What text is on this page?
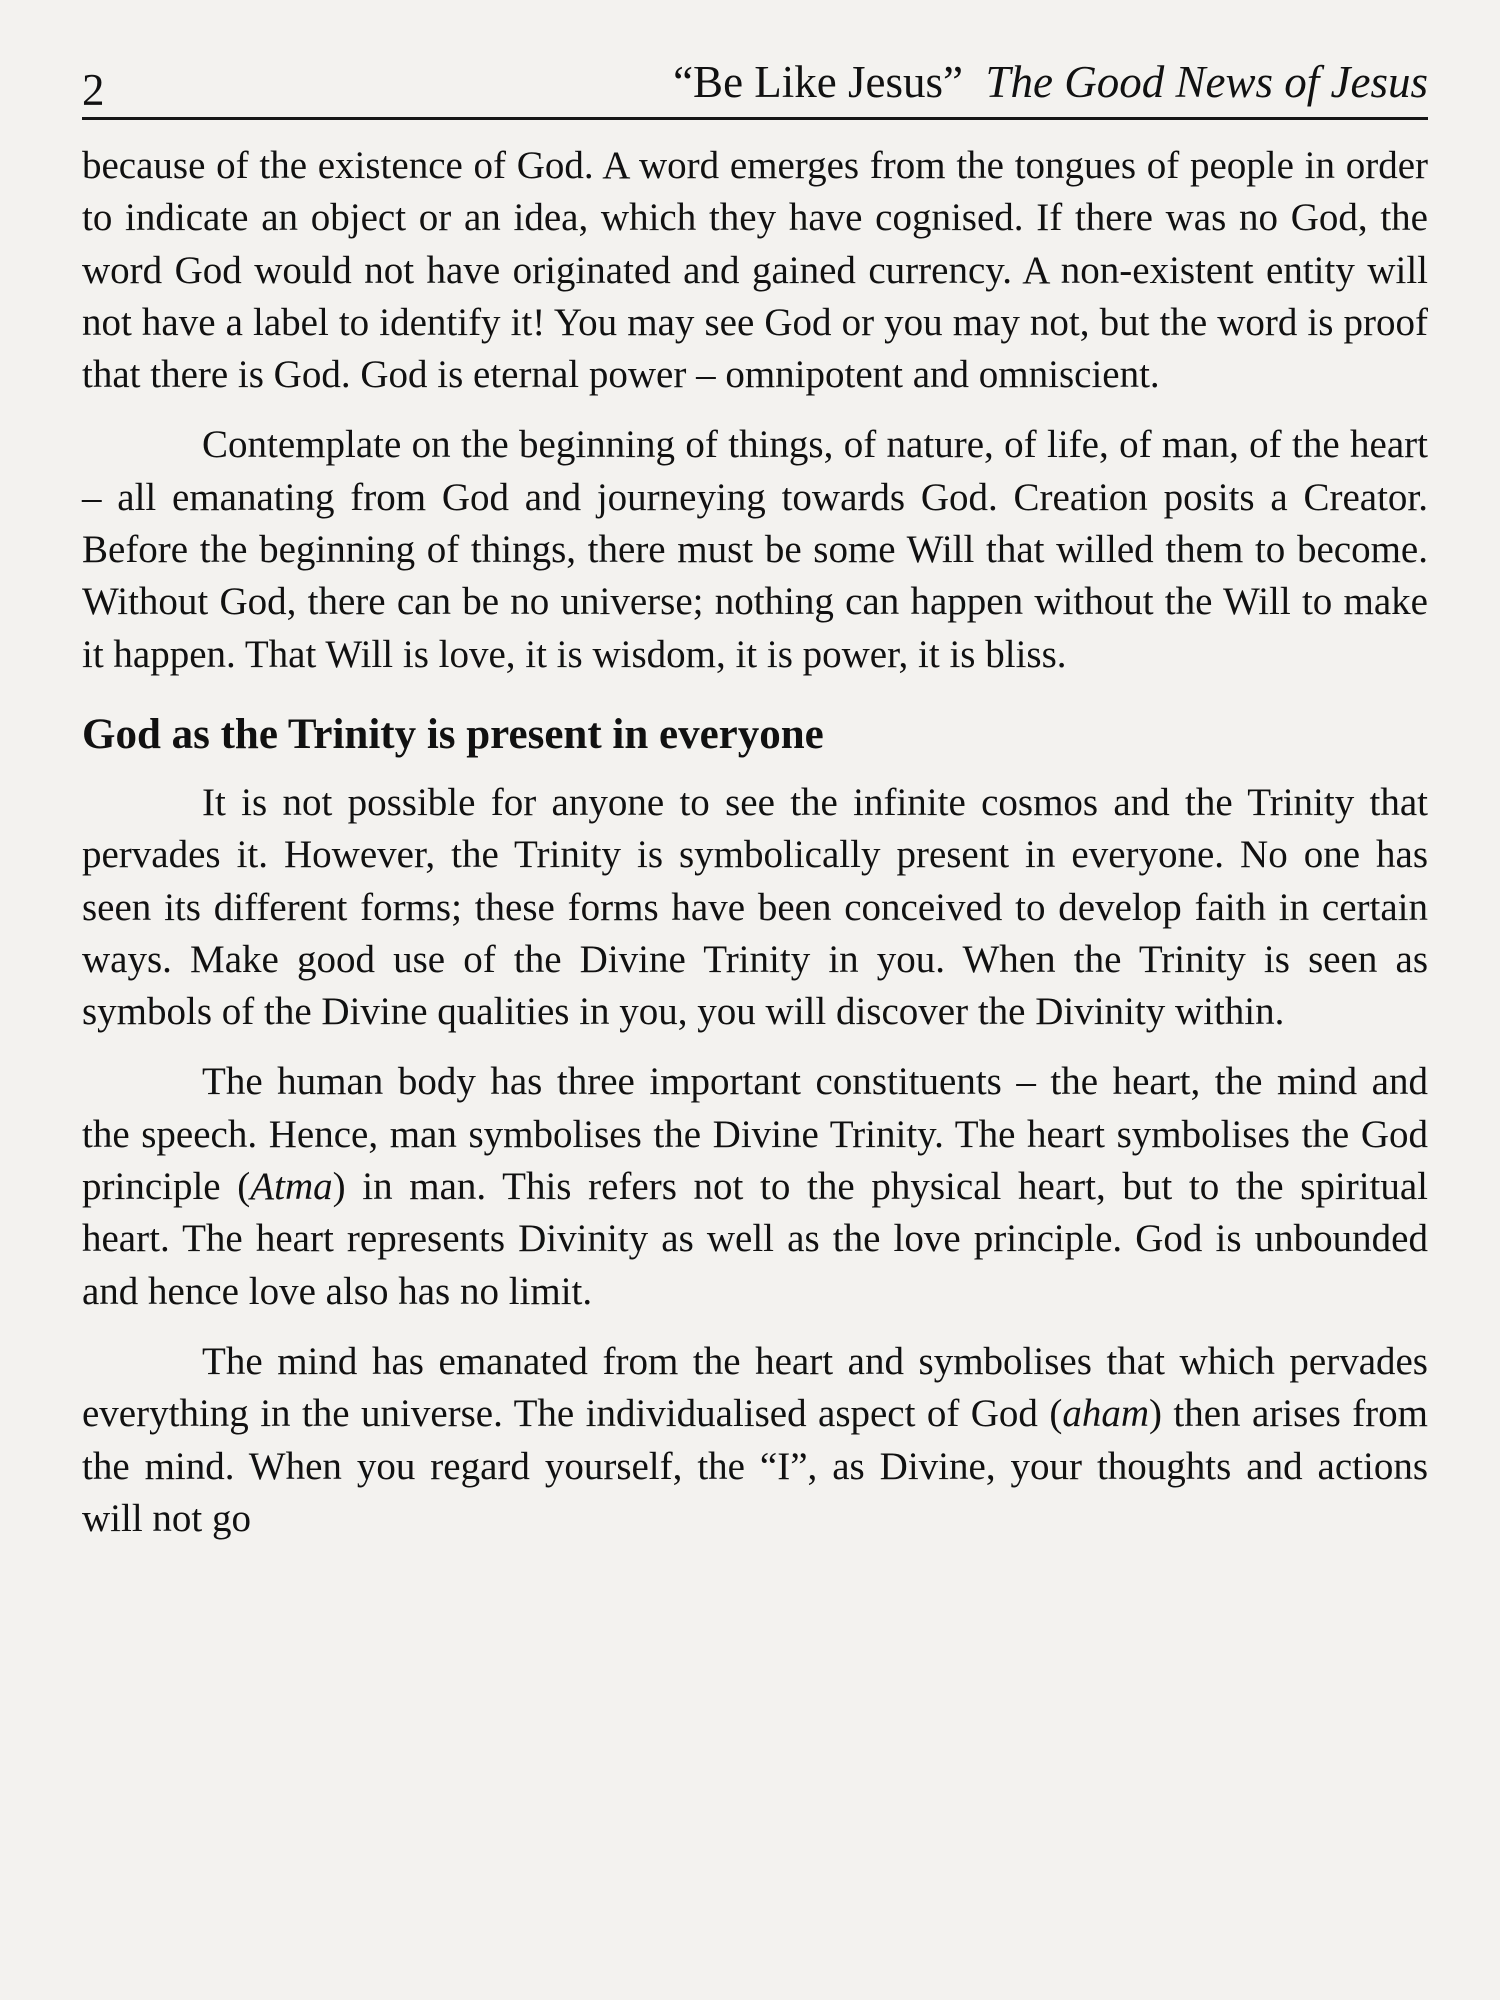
2	“Be Like Jesus” The Good News of Jesus

because of the existence of God. A word emerges from the tongues of people in order to indicate an object or an idea, which they have cognised. If there was no God, the word God would not have originated and gained currency. A non-existent entity will not have a label to identify it! You may see God or you may not, but the word is proof that there is God. God is eternal power – omnipotent and omniscient.

Contemplate on the beginning of things, of nature, of life, of man, of the heart – all emanating from God and journeying towards God. Creation posits a Creator. Before the beginning of things, there must be some Will that willed them to become. Without God, there can be no universe; nothing can happen without the Will to make it happen. That Will is love, it is wisdom, it is power, it is bliss.

God as the Trinity is present in everyone

It is not possible for anyone to see the infinite cosmos and the Trinity that pervades it. However, the Trinity is symbolically present in everyone. No one has seen its different forms; these forms have been conceived to develop faith in certain ways. Make good use of the Divine Trinity in you. When the Trinity is seen as symbols of the Divine qualities in you, you will discover the Divinity within.

The human body has three important constituents – the heart, the mind and the speech. Hence, man symbolises the Divine Trinity. The heart symbolises the God principle (Atma) in man. This refers not to the physical heart, but to the spiritual heart. The heart represents Divinity as well as the love principle. God is unbounded and hence love also has no limit.

The mind has emanated from the heart and symbolises that which pervades everything in the universe. The individualised aspect of God (aham) then arises from the mind. When you regard yourself, the “I”, as Divine, your thoughts and actions will not go
